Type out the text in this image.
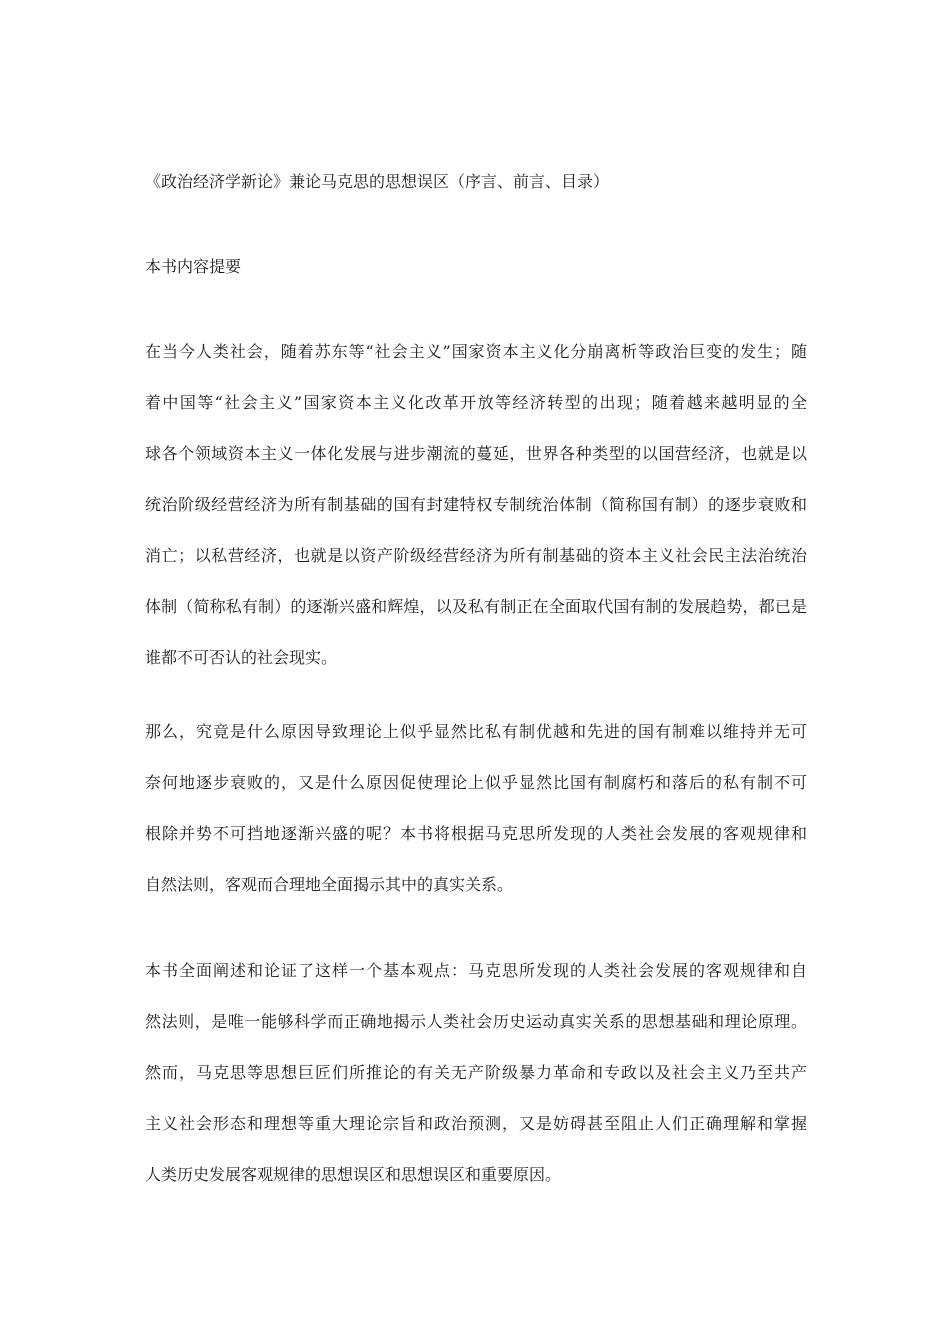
《政治经济学新论》兼论马克思的思想误区（序言、前言、目录）
本书内容提要
在当今人类社会，随着苏东等“社会主义”国家资本主义化分崩离析等政治巨变的发生；随
着中国等“社会主义”国家资本主义化改革开放等经济转型的出现；随着越来越明显的全
球各个领域资本主义一体化发展与进步潮流的蔓延，世界各种类型的以国营经济，也就是以
统治阶级经营经济为所有制基础的国有封建特权专制统治体制（简称国有制）的逐步衰败和
消亡；以私营经济，也就是以资产阶级经营经济为所有制基础的资本主义社会民主法治统治
体制（简称私有制）的逐渐兴盛和辉煌，以及私有制正在全面取代国有制的发展趋势，都已是
谁都不可否认的社会现实。
那么，究竟是什么原因导致理论上似乎显然比私有制优越和先进的国有制难以维持并无可
奈何地逐步衰败的，又是什么原因促使理论上似乎显然比国有制腐朽和落后的私有制不可
根除并势不可挡地逐渐兴盛的呢？本书将根据马克思所发现的人类社会发展的客观规律和
自然法则，客观而合理地全面揭示其中的真实关系。
本书全面阐述和论证了这样一个基本观点：马克思所发现的人类社会发展的客观规律和自
然法则，是唯一能够科学而正确地揭示人类社会历史运动真实关系的思想基础和理论原理。
然而，马克思等思想巨匠们所推论的有关无产阶级暴力革命和专政以及社会主义乃至共产
主义社会形态和理想等重大理论宗旨和政治预测，又是妨碍甚至阻止人们正确理解和掌握
人类历史发展客观规律的思想误区和思想误区和重要原因。
